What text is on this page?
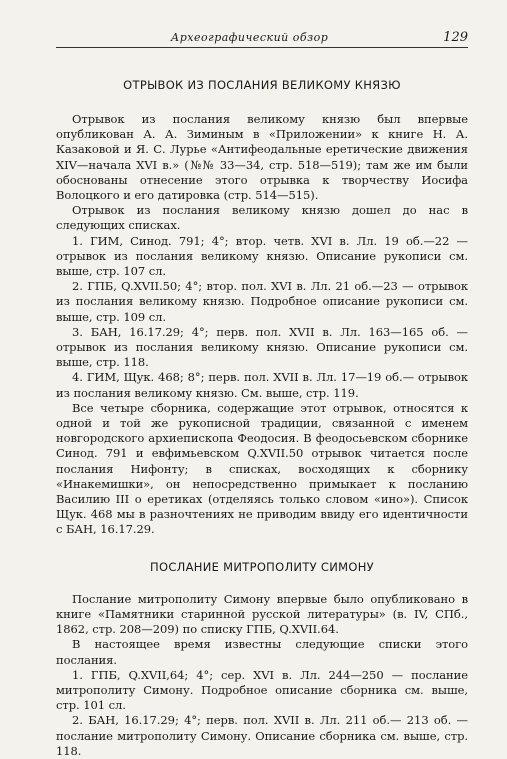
Археографический обзор	129
ОТРЫВОК ИЗ ПОСЛАНИЯ ВЕЛИКОМУ КНЯЗЮ

Отрывок из послания великому князю был впервые опубликован А. А. Зиминым в «Приложении» к книге Н. А. Казаковой и Я. С. Лурье «Антифеодальные еретические движения XIV—начала XVI в.» (№№ 33—34, стр. 518—519); там же им были обоснованы отнесение этого отрывка к творчеству Иосифа Волоцкого и его датировка (стр. 514—515).

Отрывок из послания великому князю дошел до нас в следующих списках.

1. ГИМ, Синод. 791; 4°; втор. четв. XVI в. Лл. 19 об.—22 — отрывок из послания великому князю. Описание рукописи см. выше, стр. 107 сл.

2. ГПБ, Q.XVII.50; 4°; втор. пол. XVI в. Лл. 21 об.—23 — отрывок из послания великому князю. Подробное описание рукописи см. выше, стр. 109 сл.

3. БАН, 16.17.29; 4°; перв. пол. XVII в. Лл. 163—165 об. — отрывок из послания великому князю. Описание рукописи см. выше, стр. 118.

4. ГИМ, Щук. 468; 8°; перв. пол. XVII в. Лл. 17—19 об.— отрывок из послания великому князю. См. выше, стр. 119.

Все четыре сборника, содержащие этот отрывок, относятся к одной и той же рукописной традиции, связанной с именем новгородского архиепископа Феодосия. В феодосьевском сборнике Синод. 791 и евфимьевском Q.XVII.50 отрывок читается после послания Нифонту; в списках, восходящих к сборнику «Инакемишки», он непосредственно примыкает к посланию Василию III о еретиках (отделяясь только словом «ино»). Список Щук. 468 мы в разночтениях не приводим ввиду его идентичности с БАН, 16.17.29.

ПОСЛАНИЕ МИТРОПОЛИТУ СИМОНУ

Послание митрополиту Симону впервые было опубликовано в книге «Памятники старинной русской литературы» (в. IV, СПб., 1862, стр. 208—209) по списку ГПБ, Q.XVII.64.

В настоящее время известны следующие списки этого послания.

1. ГПБ, Q.XVII,64; 4°; сер. XVI в. Лл. 244—250 — послание митрополиту Симону. Подробное описание сборника см. выше, стр. 101 сл.

2. БАН, 16.17.29; 4°; перв. пол. XVII в. Лл. 211 об.— 213 об. — послание митрополиту Симону. Описание сборника см. выше, стр. 118.
